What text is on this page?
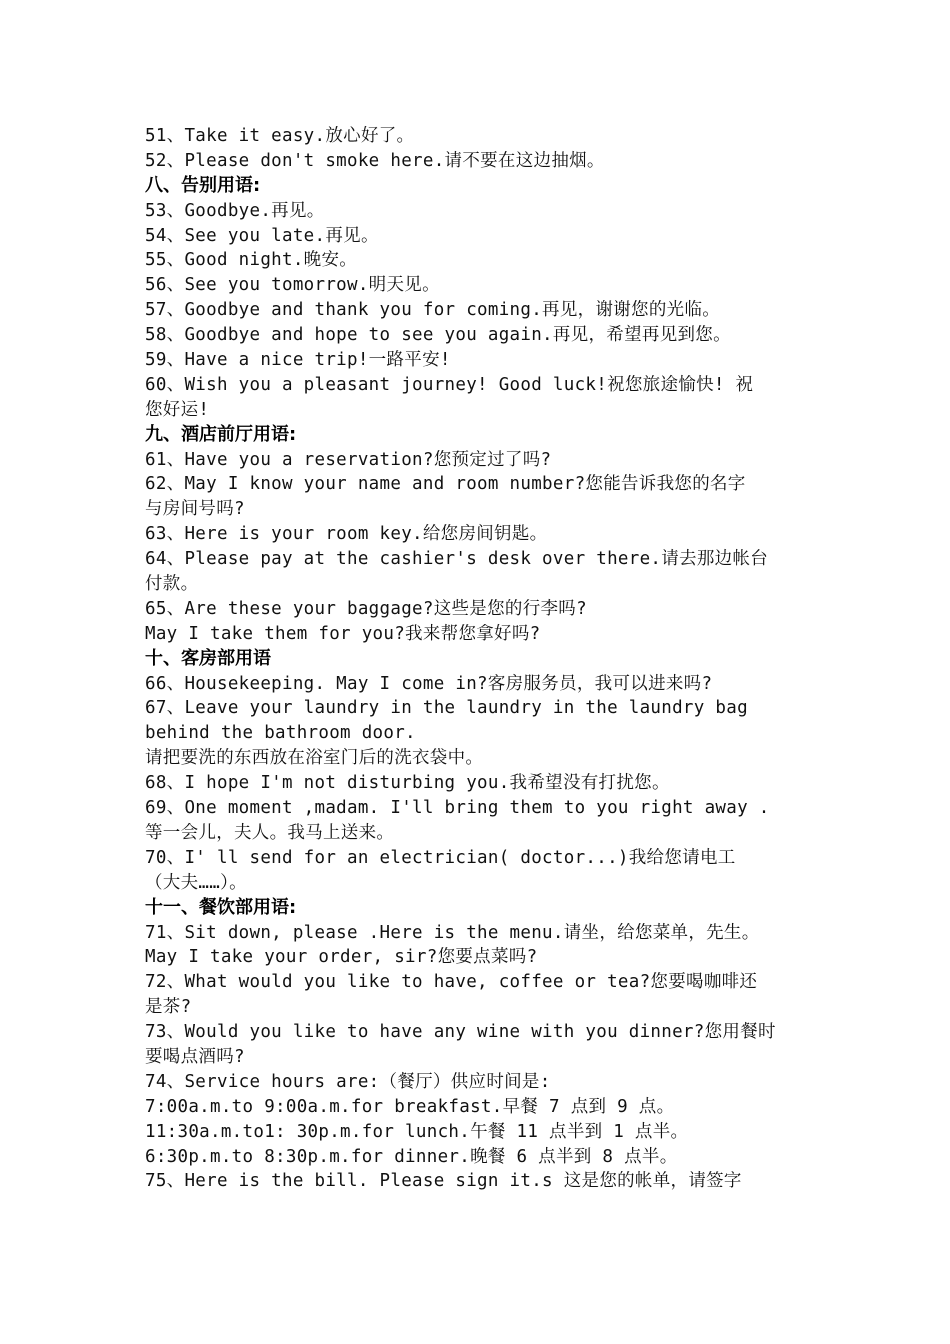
51、Take it easy.放心好了。
52、Please don't smoke here.请不要在这边抽烟。
八、告别用语:
53、Goodbye.再见。
54、See you late.再见。
55、Good night.晚安。
56、See you tomorrow.明天见。
57、Goodbye and thank you for coming.再见，谢谢您的光临。
58、Goodbye and hope to see you again.再见，希望再见到您。
59、Have a nice trip!一路平安!
60、Wish you a pleasant journey! Good luck!祝您旅途愉快! 祝
您好运!
九、酒店前厅用语:
61、Have you a reservation?您预定过了吗?
62、May I know your name and room number?您能告诉我您的名字
与房间号吗?
63、Here is your room key.给您房间钥匙。
64、Please pay at the cashier's desk over there.请去那边帐台
付款。
65、Are these your baggage?这些是您的行李吗?
May I take them for you?我来帮您拿好吗?
十、客房部用语
66、Housekeeping. May I come in?客房服务员，我可以进来吗?
67、Leave your laundry in the laundry in the laundry bag
behind the bathroom door.
请把要洗的东西放在浴室门后的洗衣袋中。
68、I hope I'm not disturbing you.我希望没有打扰您。
69、One moment ,madam. I'll bring them to you right away .
等一会儿，夫人。我马上送来。
70、I' ll send for an electrician( doctor...)我给您请电工
（大夫……）。
十一、餐饮部用语:
71、Sit down, please .Here is the menu.请坐，给您菜单，先生。
May I take your order, sir?您要点菜吗?
72、What would you like to have, coffee or tea?您要喝咖啡还
是茶?
73、Would you like to have any wine with you dinner?您用餐时
要喝点酒吗?
74、Service hours are:（餐厅）供应时间是:
7:00a.m.to 9:00a.m.for breakfast.早餐 7 点到 9 点。
11:30a.m.to1: 30p.m.for lunch.午餐 11 点半到 1 点半。
6:30p.m.to 8:30p.m.for dinner.晚餐 6 点半到 8 点半。
75、Here is the bill. Please sign it.s 这是您的帐单，请签字
